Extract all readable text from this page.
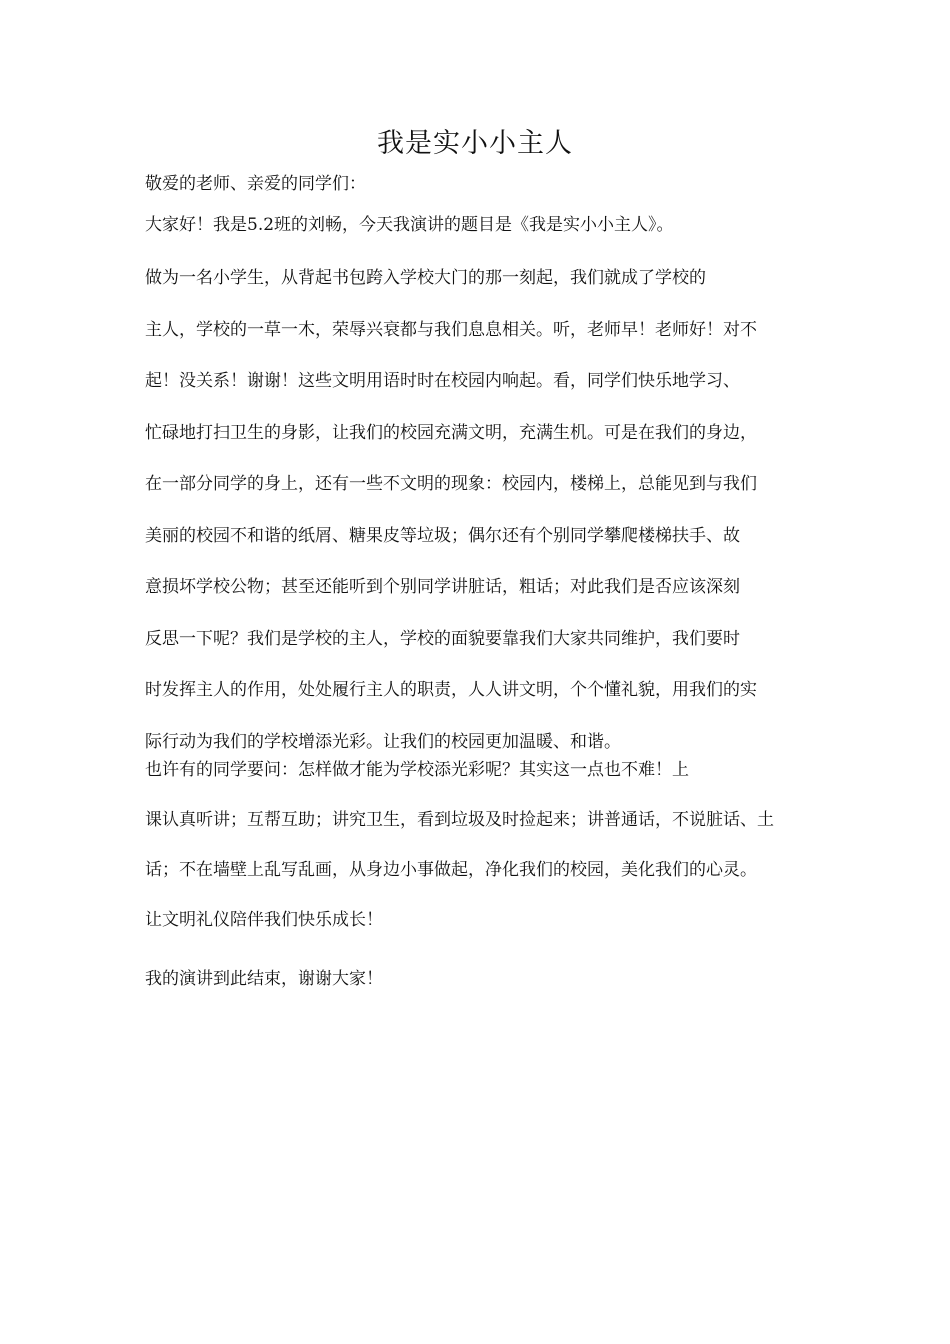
我是实小小主人
敬爱的老师、亲爱的同学们：
大家好！我是5.2班的刘畅，今天我演讲的题目是《我是实小小主人》。
做为一名小学生，从背起书包跨入学校大门的那一刻起，我们就成了学校的
主人，学校的一草一木，荣辱兴衰都与我们息息相关。听，老师早！老师好！对不
起！没关系！谢谢！这些文明用语时时在校园内响起。看，同学们快乐地学习、
忙碌地打扫卫生的身影，让我们的校园充满文明，充满生机。可是在我们的身边，
在一部分同学的身上，还有一些不文明的现象：校园内，楼梯上，总能见到与我们
美丽的校园不和谐的纸屑、糖果皮等垃圾；偶尔还有个别同学攀爬楼梯扶手、故
意损坏学校公物；甚至还能听到个别同学讲脏话，粗话；对此我们是否应该深刻
反思一下呢？我们是学校的主人，学校的面貌要靠我们大家共同维护，我们要时
时发挥主人的作用，处处履行主人的职责，人人讲文明，个个懂礼貌，用我们的实
际行动为我们的学校增添光彩。让我们的校园更加温暖、和谐。
也许有的同学要问：怎样做才能为学校添光彩呢？其实这一点也不难！上
课认真听讲；互帮互助；讲究卫生，看到垃圾及时捡起来；讲普通话，不说脏话、土
话；不在墙壁上乱写乱画，从身边小事做起，净化我们的校园，美化我们的心灵。
让文明礼仪陪伴我们快乐成长！
我的演讲到此结束，谢谢大家！
